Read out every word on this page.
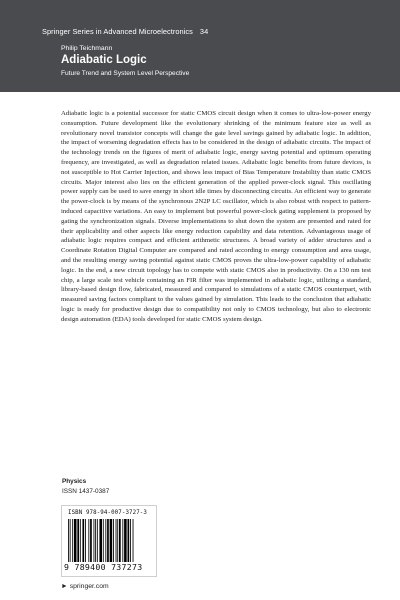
Springer Series in Advanced Microelectronics 34
Philip Teichmann
Adiabatic Logic
Future Trend and System Level Perspective

Adiabatic logic is a potential successor for static CMOS circuit design when it comes to ultra-low-power energy consumption. Future development like the evolutionary shrinking of the minimum feature size as well as revolutionary novel transistor concepts will change the gate level savings gained by adiabatic logic. In addition, the impact of worsening degradation effects has to be considered in the design of adiabatic circuits. The impact of the technology trends on the figures of merit of adiabatic logic, energy saving potential and optimum operating frequency, are investigated, as well as degradation related issues. Adiabatic logic benefits from future devices, is not susceptible to Hot Carrier Injection, and shows less impact of Bias Temperature Instability than static CMOS circuits. Major interest also lies on the efficient generation of the applied power-clock signal. This oscillating power supply can be used to save energy in short idle times by disconnecting circuits. An efficient way to generate the power-clock is by means of the synchronous 2N2P LC oscillator, which is also robust with respect to pattern-induced capacitive variations. An easy to implement but powerful power-clock gating supplement is proposed by gating the synchronization signals. Diverse implementations to shut down the system are presented and rated for their applicability and other aspects like energy reduction capability and data retention. Advantageous usage of adiabatic logic requires compact and efficient arithmetic structures. A broad variety of adder structures and a Coordinate Rotation Digital Computer are compared and rated according to energy consumption and area usage, and the resulting energy saving potential against static CMOS proves the ultra-low-power capability of adiabatic logic. In the end, a new circuit topology has to compete with static CMOS also in productivity. On a 130 nm test chip, a large scale test vehicle containing an FIR filter was implemented in adiabatic logic, utilizing a standard, library-based design flow, fabricated, measured and compared to simulations of a static CMOS counterpart, with measured saving factors compliant to the values gained by simulation. This leads to the conclusion that adiabatic logic is ready for productive design due to compatibility not only to CMOS technology, but also to electronic design automation (EDA) tools developed for static CMOS system design.

Physics
ISSN 1437-0387
ISBN 978-94-007-3727-3
9 789400 737273
► springer.com
